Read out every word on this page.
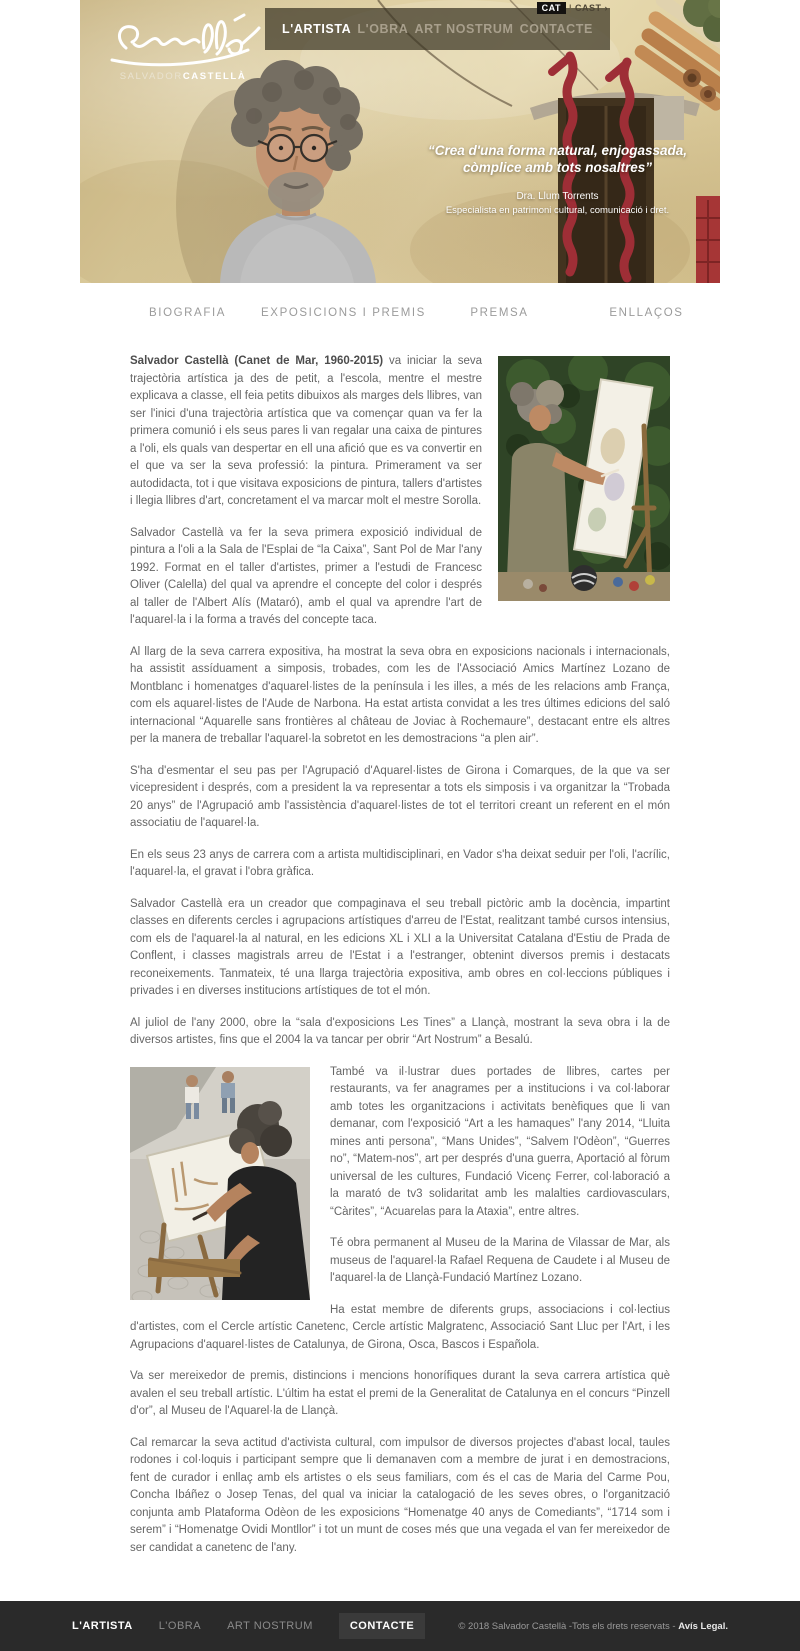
SALVADORCASTELLÀ
L'ARTISTA L'OBRA ART NOSTRUM CONTACTE
CAT | CAST ›
“Crea d'una forma natural, enjogassada,
còmplice amb tots nosaltres”
Dra. Llum Torrents
Especialista en patrimoni cultural, comunicació i dret.
BIOGRAFIA	EXPOSICIONS I PREMIS	PREMSA	ENLLAÇOS

Salvador Castellà (Canet de Mar, 1960-2015) va iniciar la seva trajectòria artística ja des de petit, a l'escola, mentre el mestre explicava a classe, ell feia petits dibuixos als marges dels llibres, van ser l'inici d'una trajectòria artística que va començar quan va fer la primera comunió i els seus pares li van regalar una caixa de pintures a l'oli, els quals van despertar en ell una afició que es va convertir en el que va ser la seva professió: la pintura. Primerament va ser autodidacta, tot i que visitava exposicions de pintura, tallers d'artistes i llegia llibres d'art, concretament el va marcar molt el mestre Sorolla.

Salvador Castellà va fer la seva primera exposició individual de pintura a l'oli a la Sala de l'Esplai de “la Caixa”, Sant Pol de Mar l'any 1992. Format en el taller d'artistes, primer a l'estudi de Francesc Oliver (Calella) del qual va aprendre el concepte del color i després al taller de l'Albert Alís (Mataró), amb el qual va aprendre l'art de l'aquarel·la i la forma a través del concepte taca.

Al llarg de la seva carrera expositiva, ha mostrat la seva obra en exposicions nacionals i internacionals, ha assistit assíduament a simposis, trobades, com les de l'Associació Amics Martínez Lozano de Montblanc i homenatges d'aquarel·listes de la península i les illes, a més de les relacions amb França, com els aquarel·listes de l'Aude de Narbona. Ha estat artista convidat a les tres últimes edicions del saló internacional “Aquarelle sans frontières al château de Joviac à Rochemaure”, destacant entre els altres per la manera de treballar l'aquarel·la sobretot en les demostracions “a plen air”.

S'ha d'esmentar el seu pas per l'Agrupació d'Aquarel·listes de Girona i Comarques, de la que va ser vicepresident i després, com a president la va representar a tots els simposis i va organitzar la “Trobada 20 anys” de l'Agrupació amb l'assistència d'aquarel·listes de tot el territori creant un referent en el món associatiu de l'aquarel·la.

En els seus 23 anys de carrera com a artista multidisciplinari, en Vador s'ha deixat seduir per l'oli, l'acrílic, l'aquarel·la, el gravat i l'obra gràfica.

Salvador Castellà era un creador que compaginava el seu treball pictòric amb la docència, impartint classes en diferents cercles i agrupacions artístiques d'arreu de l'Estat, realitzant també cursos intensius, com els de l'aquarel·la al natural, en les edicions XL i XLI a la Universitat Catalana d'Estiu de Prada de Conflent, i classes magistrals arreu de l'Estat i a l'estranger, obtenint diversos premis i destacats reconeixements. Tanmateix, té una llarga trajectòria expositiva, amb obres en col·leccions públiques i privades i en diverses institucions artístiques de tot el món.

Al juliol de l'any 2000, obre la “sala d'exposicions Les Tines” a Llançà, mostrant la seva obra i la de diversos artistes, fins que el 2004 la va tancar per obrir “Art Nostrum” a Besalú.

També va il·lustrar dues portades de llibres, cartes per restaurants, va fer anagrames per a institucions i va col·laborar amb totes les organitzacions i activitats benèfiques que li van demanar, com l'exposició “Art a les hamaques” l'any 2014, “Lluita mines anti persona”, “Mans Unides”, “Salvem l'Odèon”, “Guerres no”, “Matem-nos”, art per després d'una guerra, Aportació al fòrum universal de les cultures, Fundació Vicenç Ferrer, col·laboració a la marató de tv3 solidaritat amb les malalties cardiovasculars, “Càrites”, “Acuarelas para la Ataxia”, entre altres.

Té obra permanent al Museu de la Marina de Vilassar de Mar, als museus de l'aquarel·la Rafael Requena de Caudete i al Museu de l'aquarel·la de Llançà-Fundació Martínez Lozano.

Ha estat membre de diferents grups, associacions i col·lectius d'artistes, com el Cercle artístic Canetenc, Cercle artístic Malgratenc, Associació Sant Lluc per l'Art, i les Agrupacions d'aquarel·listes de Catalunya, de Girona, Osca, Bascos i Española.

Va ser mereixedor de premis, distincions i mencions honorífiques durant la seva carrera artística què avalen el seu treball artístic. L'últim ha estat el premi de la Generalitat de Catalunya en el concurs “Pinzell d'or”, al Museu de l'Aquarel·la de Llançà.

Cal remarcar la seva actitud d'activista cultural, com impulsor de diversos projectes d'abast local, taules rodones i col·loquis i participant sempre que li demanaven com a membre de jurat i en demostracions, fent de curador i enllaç amb els artistes o els seus familiars, com és el cas de Maria del Carme Pou, Concha Ibáñez o Josep Tenas, del qual va iniciar la catalogació de les seves obres, o l'organització conjunta amb Plataforma Odèon de les exposicions “Homenatge 40 anys de Comediants”, “1714 som i serem” i “Homenatge Ovidi Montllor” i tot un munt de coses més que una vegada el van fer mereixedor de ser candidat a canetenc de l'any.

L'ARTISTA L'OBRA ART NOSTRUM	CONTACTE	© 2018 Salvador Castellà -Tots els drets reservats - Avís Legal.
